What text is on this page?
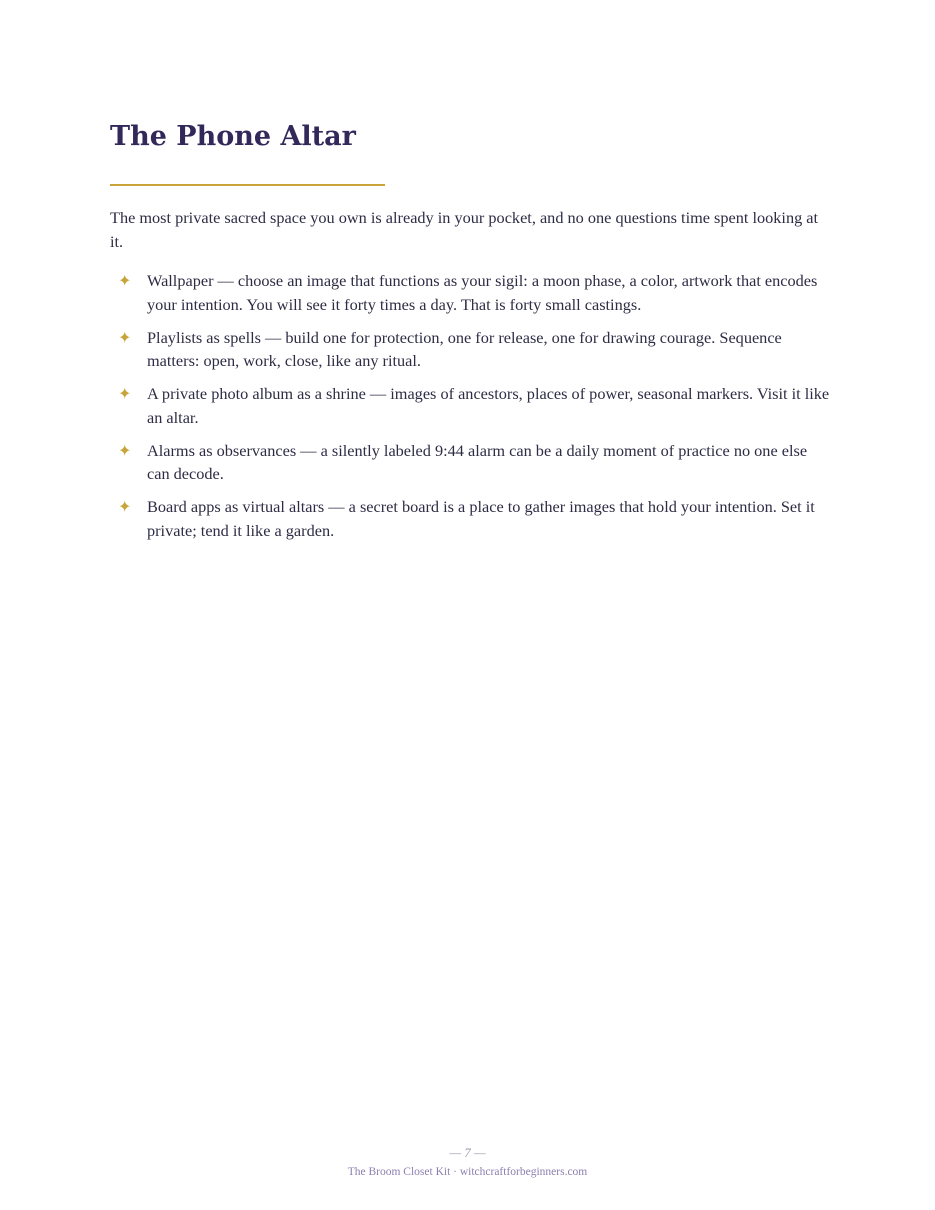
The Phone Altar

The most private sacred space you own is already in your pocket, and no one questions time spent looking at it.

✦ Wallpaper — choose an image that functions as your sigil: a moon phase, a color, artwork that encodes your intention. You will see it forty times a day. That is forty small castings.
✦ Playlists as spells — build one for protection, one for release, one for drawing courage. Sequence matters: open, work, close, like any ritual.
✦ A private photo album as a shrine — images of ancestors, places of power, seasonal markers. Visit it like an altar.
✦ Alarms as observances — a silently labeled 9:44 alarm can be a daily moment of practice no one else can decode.
✦ Board apps as virtual altars — a secret board is a place to gather images that hold your intention. Set it private; tend it like a garden.
— 7 —
The Broom Closet Kit · witchcraftforbeginners.com
